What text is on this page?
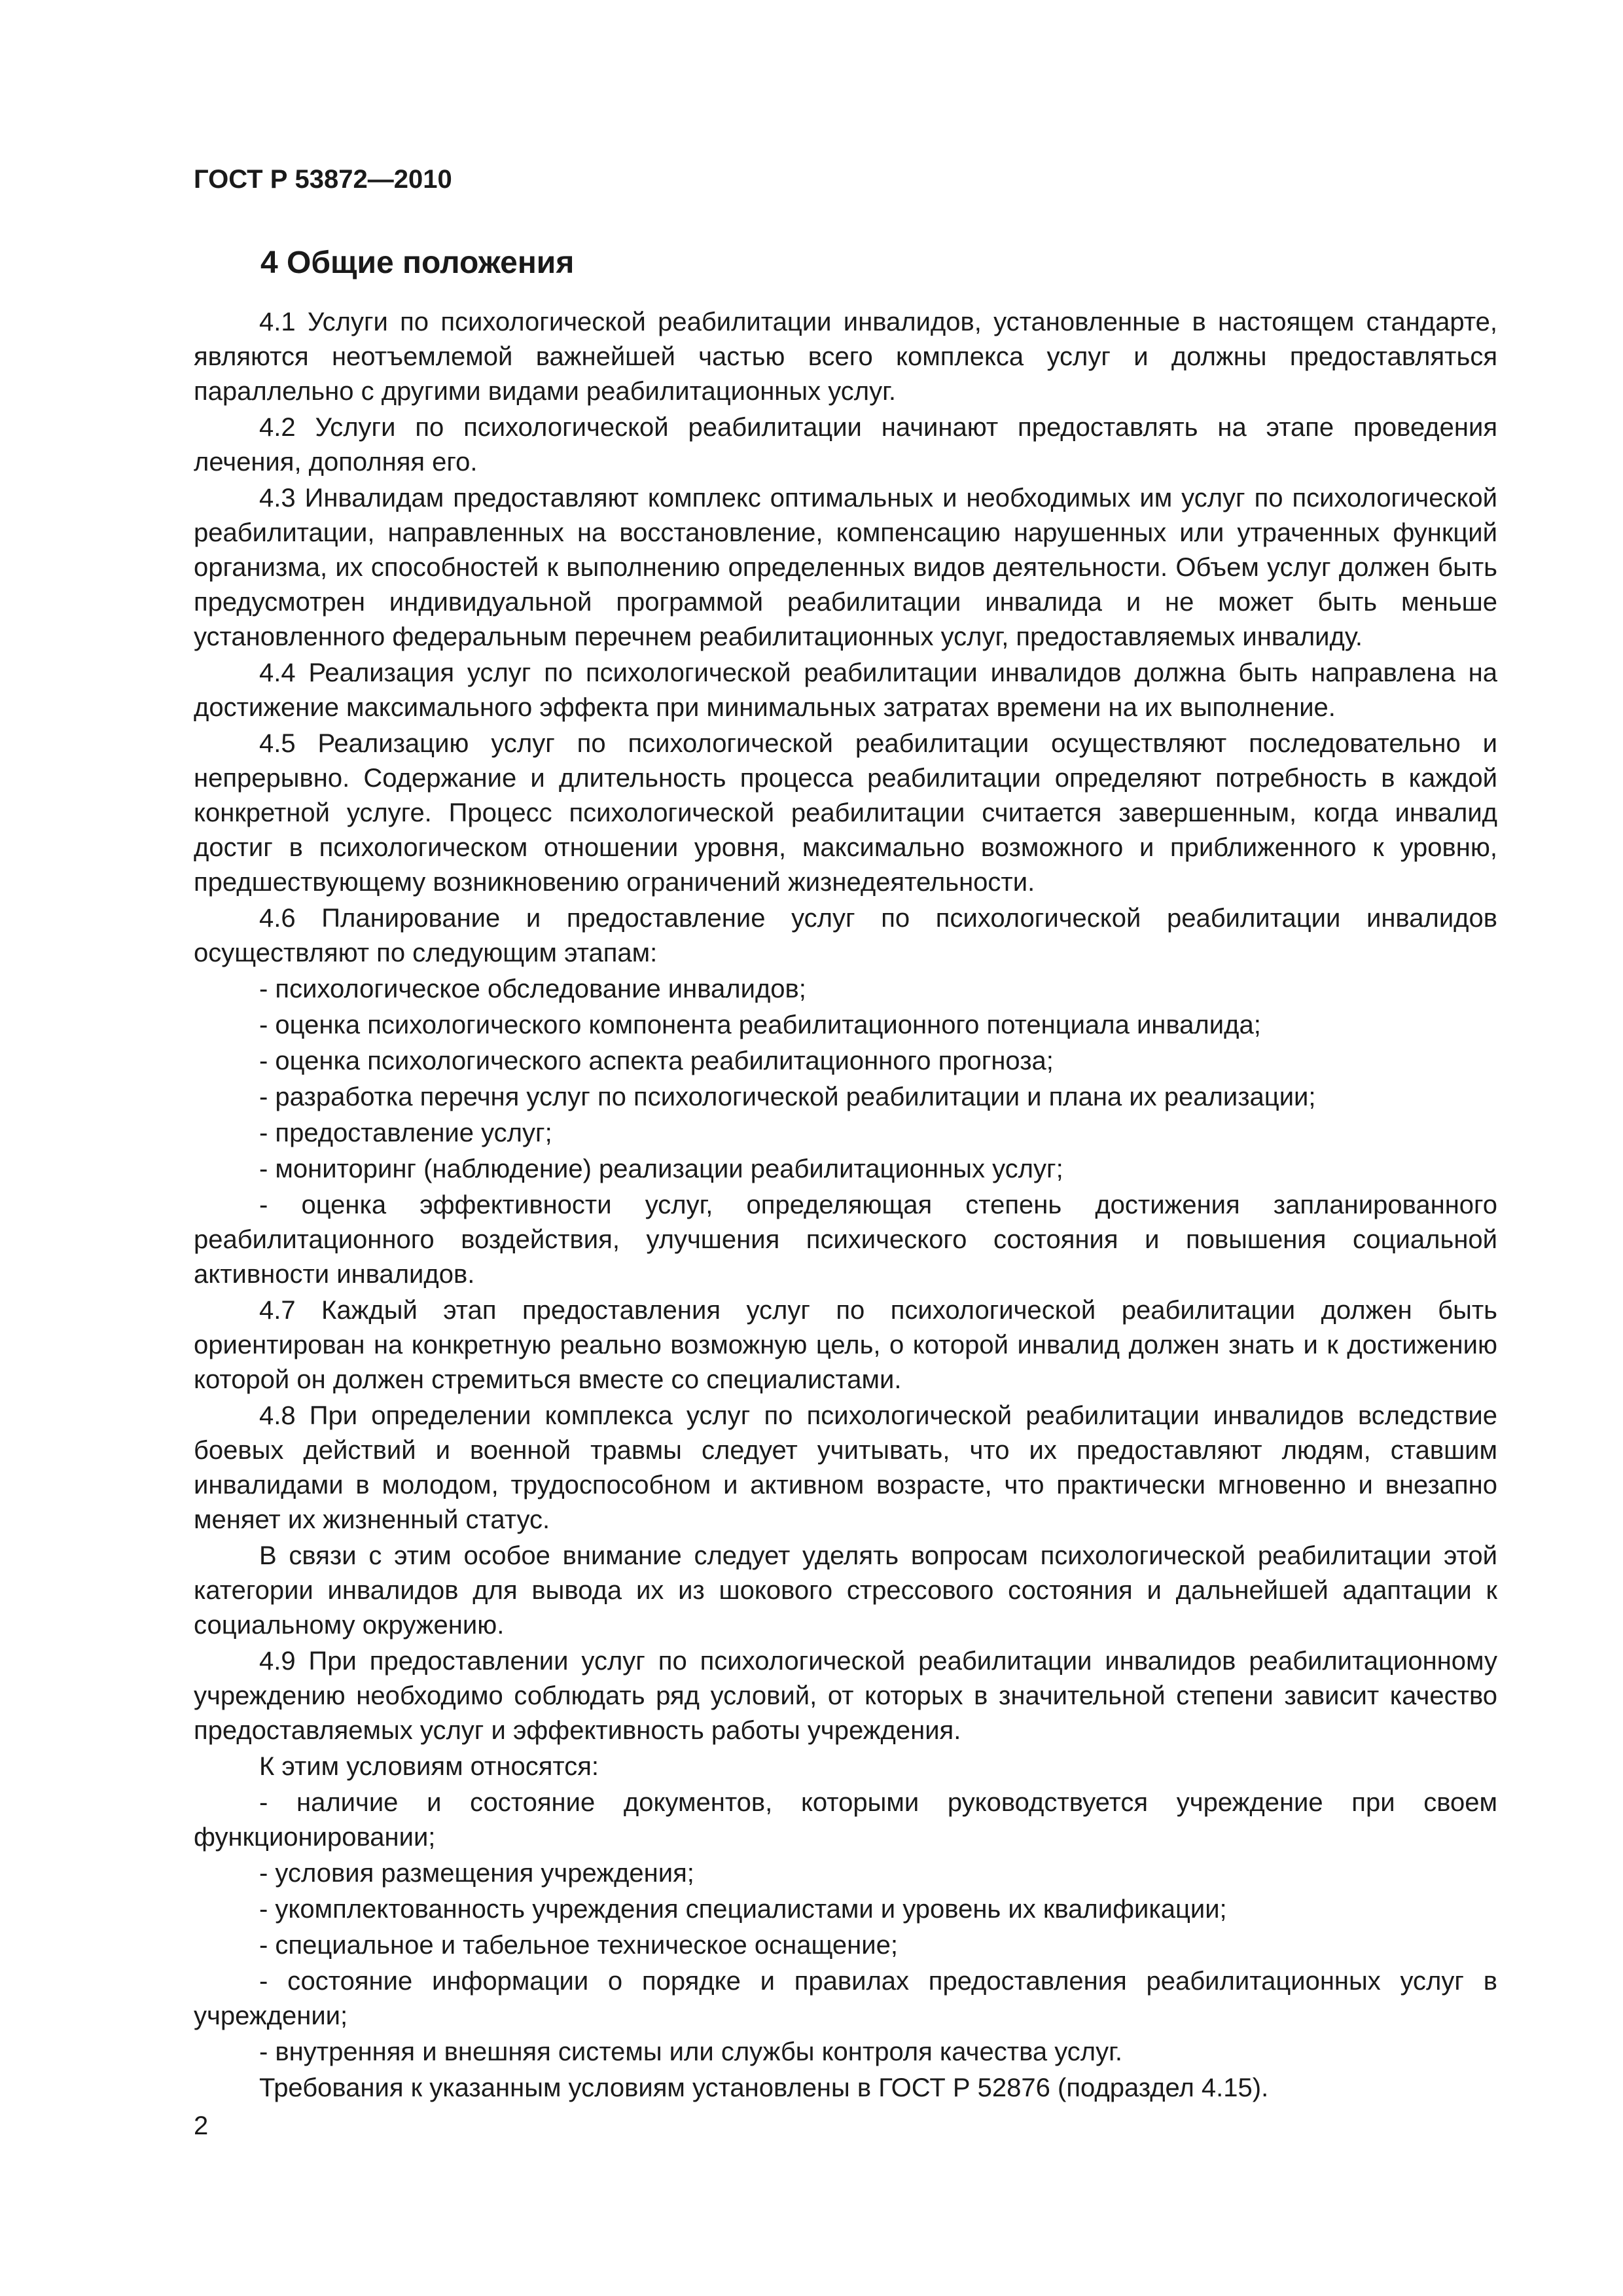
ГОСТ Р 53872—2010
4 Общие положения

4.1 Услуги по психологической реабилитации инвалидов, установленные в настоящем стандарте, являются неотъемлемой важнейшей частью всего комплекса услуг и должны предоставляться параллельно с другими видами реабилитационных услуг.

4.2 Услуги по психологической реабилитации начинают предоставлять на этапе проведения лечения, дополняя его.

4.3 Инвалидам предоставляют комплекс оптимальных и необходимых им услуг по психологической реабилитации, направленных на восстановление, компенсацию нарушенных или утраченных функций организма, их способностей к выполнению определенных видов деятельности. Объем услуг должен быть предусмотрен индивидуальной программой реабилитации инвалида и не может быть меньше установленного федеральным перечнем реабилитационных услуг, предоставляемых инвалиду.

4.4 Реализация услуг по психологической реабилитации инвалидов должна быть направлена на достижение максимального эффекта при минимальных затратах времени на их выполнение.

4.5 Реализацию услуг по психологической реабилитации осуществляют последовательно и непрерывно. Содержание и длительность процесса реабилитации определяют потребность в каждой конкретной услуге. Процесс психологической реабилитации считается завершенным, когда инвалид достиг в психологическом отношении уровня, максимально возможного и приближенного к уровню, предшествующему возникновению ограничений жизнедеятельности.

4.6 Планирование и предоставление услуг по психологической реабилитации инвалидов осуществляют по следующим этапам:

- психологическое обследование инвалидов;

- оценка психологического компонента реабилитационного потенциала инвалида;

- оценка психологического аспекта реабилитационного прогноза;

- разработка перечня услуг по психологической реабилитации и плана их реализации;

- предоставление услуг;

- мониторинг (наблюдение) реализации реабилитационных услуг;

- оценка эффективности услуг, определяющая степень достижения запланированного реабилитационного воздействия, улучшения психического состояния и повышения социальной активности инвалидов.

4.7 Каждый этап предоставления услуг по психологической реабилитации должен быть ориентирован на конкретную реально возможную цель, о которой инвалид должен знать и к достижению которой он должен стремиться вместе со специалистами.

4.8 При определении комплекса услуг по психологической реабилитации инвалидов вследствие боевых действий и военной травмы следует учитывать, что их предоставляют людям, ставшим инвалидами в молодом, трудоспособном и активном возрасте, что практически мгновенно и внезапно меняет их жизненный статус.

В связи с этим особое внимание следует уделять вопросам психологической реабилитации этой категории инвалидов для вывода их из шокового стрессового состояния и дальнейшей адаптации к социальному окружению.

4.9 При предоставлении услуг по психологической реабилитации инвалидов реабилитационному учреждению необходимо соблюдать ряд условий, от которых в значительной степени зависит качество предоставляемых услуг и эффективность работы учреждения.

К этим условиям относятся:

- наличие и состояние документов, которыми руководствуется учреждение при своем функционировании;

- условия размещения учреждения;

- укомплектованность учреждения специалистами и уровень их квалификации;

- специальное и табельное техническое оснащение;

- состояние информации о порядке и правилах предоставления реабилитационных услуг в учреждении;

- внутренняя и внешняя системы или службы контроля качества услуг.

Требования к указанным условиям установлены в ГОСТ Р 52876 (подраздел 4.15).

2
